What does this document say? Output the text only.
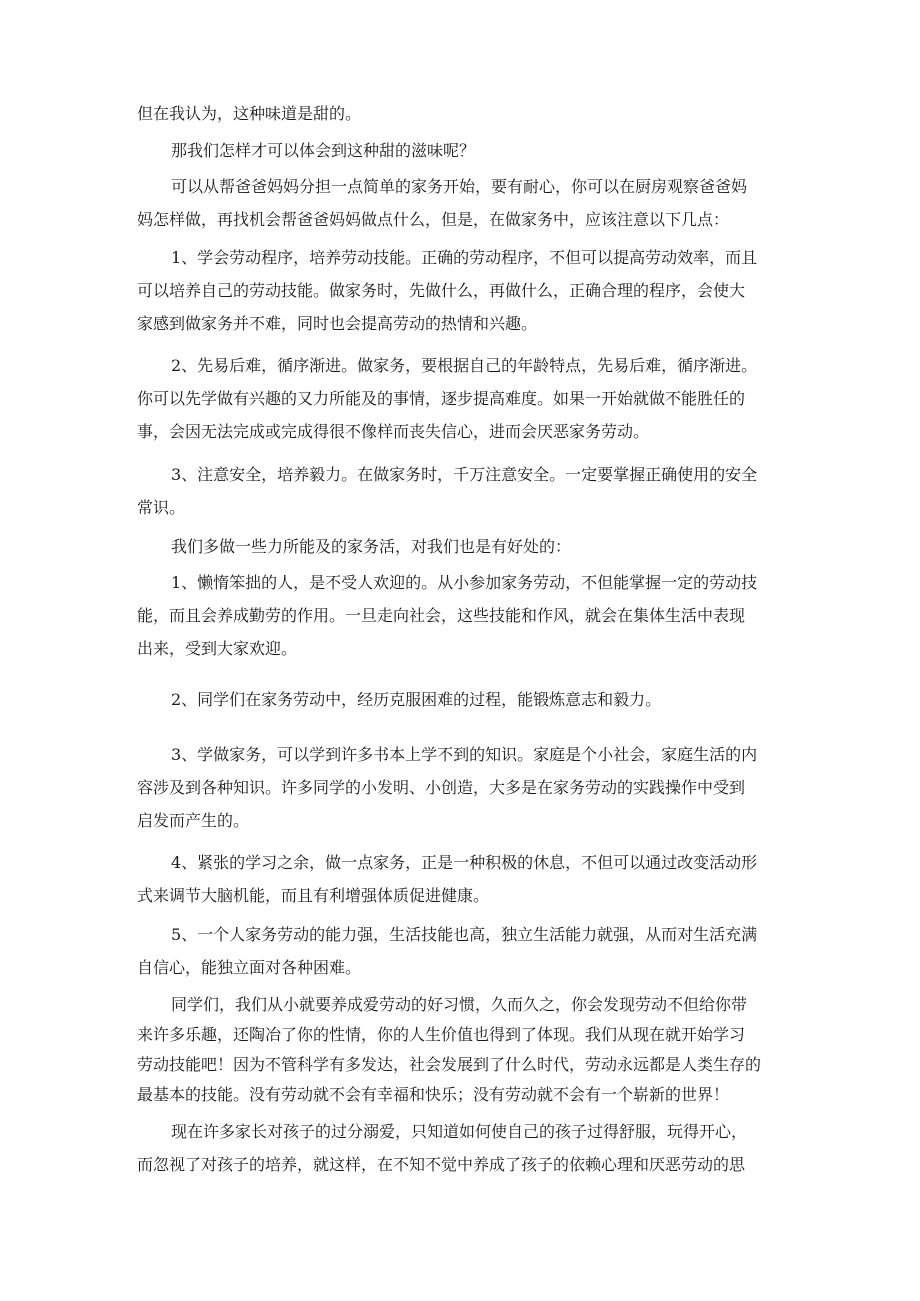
但在我认为，这种味道是甜的。
那我们怎样才可以体会到这种甜的滋味呢？
可以从帮爸爸妈妈分担一点简单的家务开始，要有耐心，你可以在厨房观察爸爸妈
妈怎样做，再找机会帮爸爸妈妈做点什么，但是，在做家务中，应该注意以下几点：
1、学会劳动程序，培养劳动技能。正确的劳动程序，不但可以提高劳动效率，而且
可以培养自己的劳动技能。做家务时，先做什么，再做什么，正确合理的程序，会使大
家感到做家务并不难，同时也会提高劳动的热情和兴趣。
2、先易后难，循序渐进。做家务，要根据自己的年龄特点，先易后难，循序渐进。
你可以先学做有兴趣的又力所能及的事情，逐步提高难度。如果一开始就做不能胜任的
事，会因无法完成或完成得很不像样而丧失信心，进而会厌恶家务劳动。
3、注意安全，培养毅力。在做家务时，千万注意安全。一定要掌握正确使用的安全
常识。
我们多做一些力所能及的家务活，对我们也是有好处的：
1、懒惰笨拙的人，是不受人欢迎的。从小参加家务劳动，不但能掌握一定的劳动技
能，而且会养成勤劳的作用。一旦走向社会，这些技能和作风，就会在集体生活中表现
出来，受到大家欢迎。
2、同学们在家务劳动中，经历克服困难的过程，能锻炼意志和毅力。
3、学做家务，可以学到许多书本上学不到的知识。家庭是个小社会，家庭生活的内
容涉及到各种知识。许多同学的小发明、小创造，大多是在家务劳动的实践操作中受到
启发而产生的。
4、紧张的学习之余，做一点家务，正是一种积极的休息，不但可以通过改变活动形
式来调节大脑机能，而且有利增强体质促进健康。
5、一个人家务劳动的能力强，生活技能也高，独立生活能力就强，从而对生活充满
自信心，能独立面对各种困难。
同学们，我们从小就要养成爱劳动的好习惯，久而久之，你会发现劳动不但给你带
来许多乐趣，还陶冶了你的性情，你的人生价值也得到了体现。我们从现在就开始学习
劳动技能吧！因为不管科学有多发达，社会发展到了什么时代，劳动永远都是人类生存的
最基本的技能。没有劳动就不会有幸福和快乐；没有劳动就不会有一个崭新的世界！
现在许多家长对孩子的过分溺爱，只知道如何使自己的孩子过得舒服，玩得开心，
而忽视了对孩子的培养，就这样，在不知不觉中养成了孩子的依赖心理和厌恶劳动的思
